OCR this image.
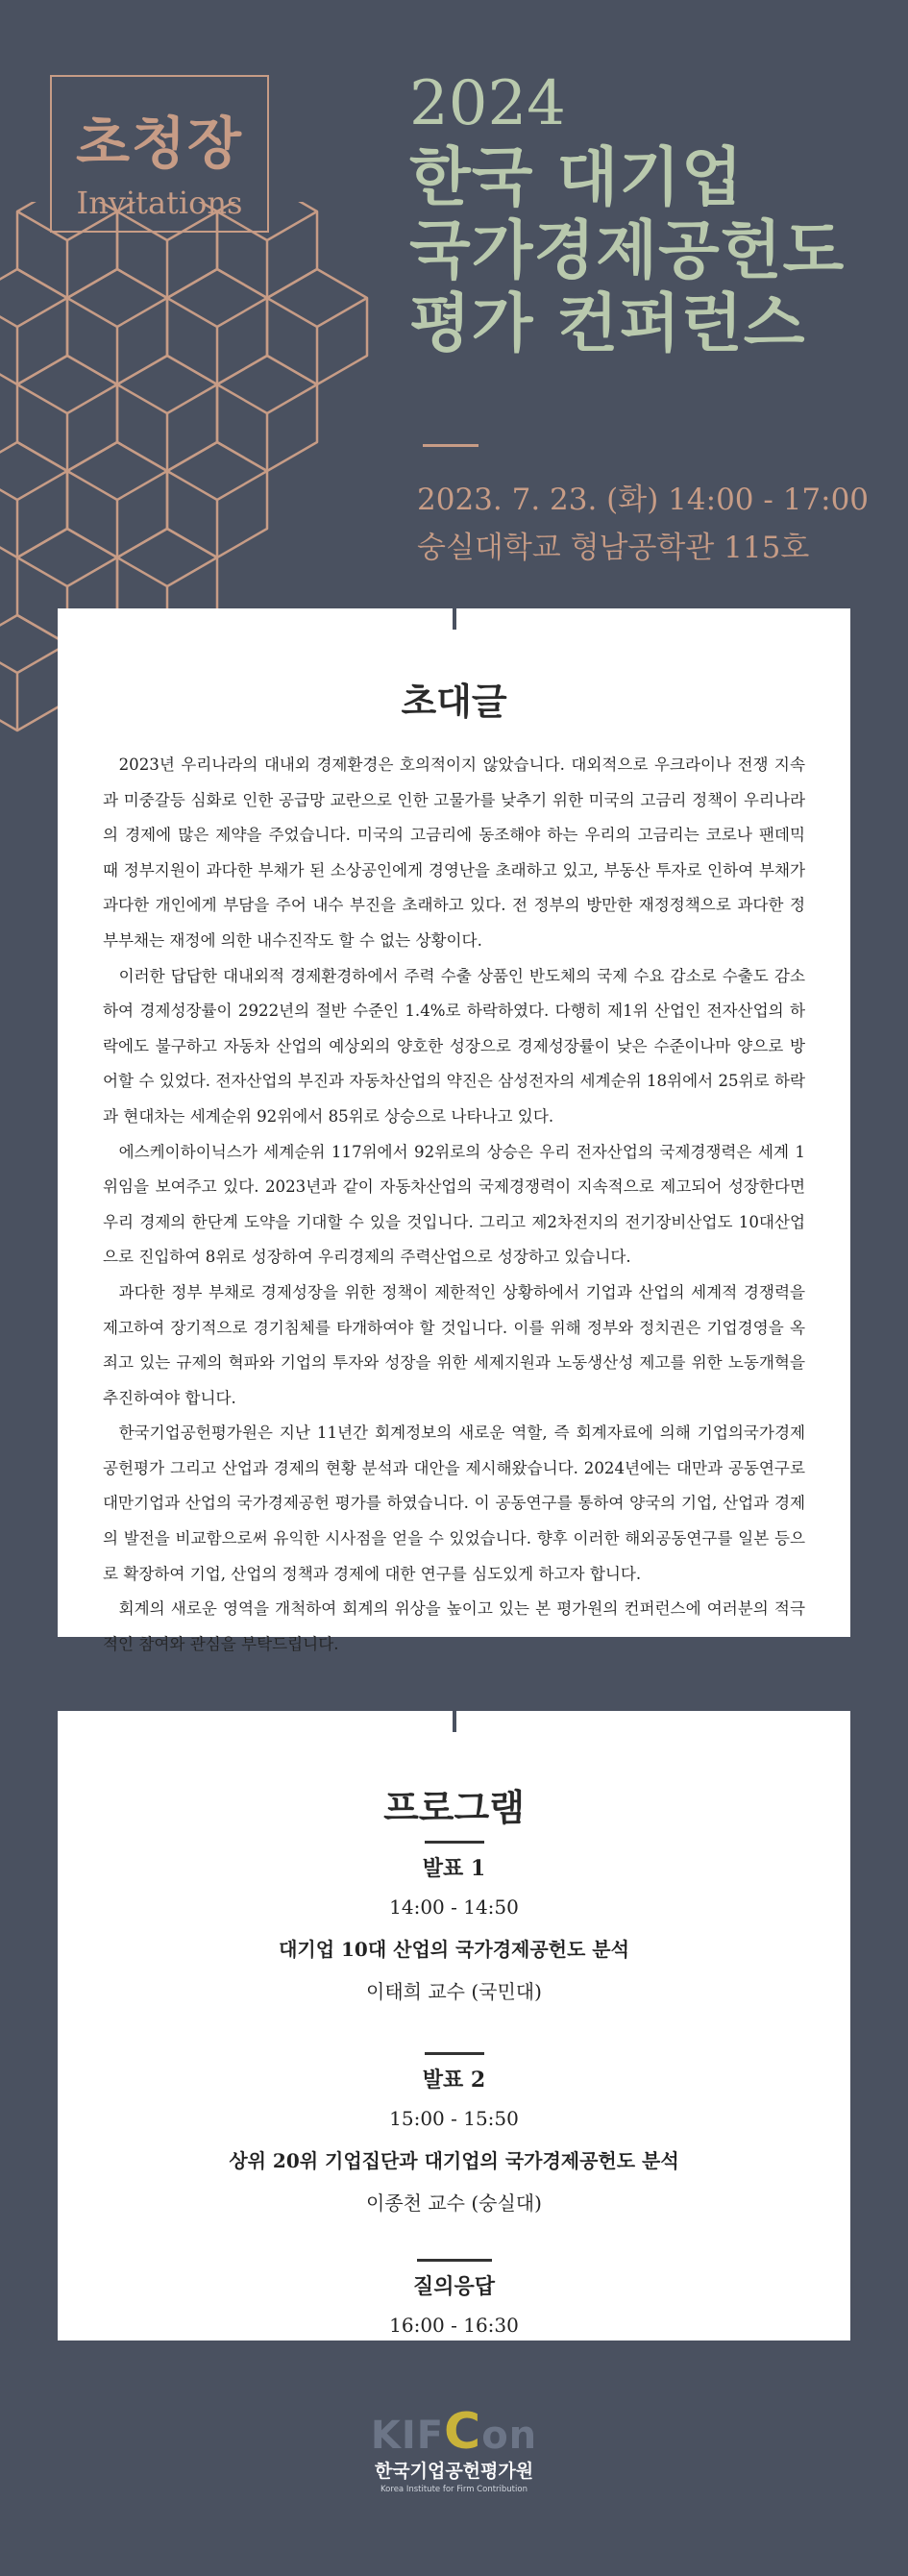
초청장
Invitations
2024
한국 대기업
국가경제공헌도
평가 컨퍼런스
2023. 7. 23. (화) 14:00 - 17:00
숭실대학교 형남공학관 115호
초대글

2023년 우리나라의 대내외 경제환경은 호의적이지 않았습니다. 대외적으로 우크라이나 전쟁 지속과 미중갈등 심화로 인한 공급망 교란으로 인한 고물가를 낮추기 위한 미국의 고금리 정책이 우리나라의 경제에 많은 제약을 주었습니다. 미국의 고금리에 동조해야 하는 우리의 고금리는 코로나 팬데믹 때 정부지원이 과다한 부채가 된 소상공인에게 경영난을 초래하고 있고, 부동산 투자로 인하여 부채가 과다한 개인에게 부담을 주어 내수 부진을 초래하고 있다. 전 정부의 방만한 재정정책으로 과다한 정부부채는 재정에 의한 내수진작도 할 수 없는 상황이다.

이러한 답답한 대내외적 경제환경하에서 주력 수출 상품인 반도체의 국제 수요 감소로 수출도 감소하여 경제성장률이 2922년의 절반 수준인 1.4%로 하락하였다. 다행히 제1위 산업인 전자산업의 하락에도 불구하고 자동차 산업의 예상외의 양호한 성장으로 경제성장률이 낮은 수준이나마 양으로 방어할 수 있었다. 전자산업의 부진과 자동차산업의 약진은 삼성전자의 세계순위 18위에서 25위로 하락과 현대차는 세계순위 92위에서 85위로 상승으로 나타나고 있다.

에스케이하이닉스가 세계순위 117위에서 92위로의 상승은 우리 전자산업의 국제경쟁력은 세계 1위임을 보여주고 있다. 2023년과 같이 자동차산업의 국제경쟁력이 지속적으로 제고되어 성장한다면 우리 경제의 한단계 도약을 기대할 수 있을 것입니다. 그리고 제2차전지의 전기장비산업도 10대산업으로 진입하여 8위로 성장하여 우리경제의 주력산업으로 성장하고 있습니다.

과다한 정부 부채로 경제성장을 위한 정책이 제한적인 상황하에서 기업과 산업의 세계적 경쟁력을 제고하여 장기적으로 경기침체를 타개하여야 할 것입니다. 이를 위해 정부와 정치권은 기업경영을 옥죄고 있는 규제의 혁파와 기업의 투자와 성장을 위한 세제지원과 노동생산성 제고를 위한 노동개혁을 추진하여야 합니다.

한국기업공헌평가원은 지난 11년간 회계정보의 새로운 역할, 즉 회계자료에 의해 기업의국가경제공헌평가 그리고 산업과 경제의 현황 분석과 대안을 제시해왔습니다. 2024년에는 대만과 공동연구로 대만기업과 산업의 국가경제공헌 평가를 하였습니다. 이 공동연구를 통하여 양국의 기업, 산업과 경제의 발전을 비교함으로써 유익한 시사점을 얻을 수 있었습니다. 향후 이러한 해외공동연구를 일본 등으로 확장하여 기업, 산업의 정책과 경제에 대한 연구를 심도있게 하고자 합니다.

회계의 새로운 영역을 개척하여 회계의 위상을 높이고 있는 본 평가원의 컨퍼런스에 여러분의 적극적인 참여와 관심을 부탁드립니다.

프로그램
발표 1
14:00 - 14:50
대기업 10대 산업의 국가경제공헌도 분석
이태희 교수 (국민대)
발표 2
15:00 - 15:50
상위 20위 기업집단과 대기업의 국가경제공헌도 분석
이종천 교수 (숭실대)
질의응답
16:00 - 16:30
KIFCon
한국기업공헌평가원
Korea Institute for Firm Contribution
